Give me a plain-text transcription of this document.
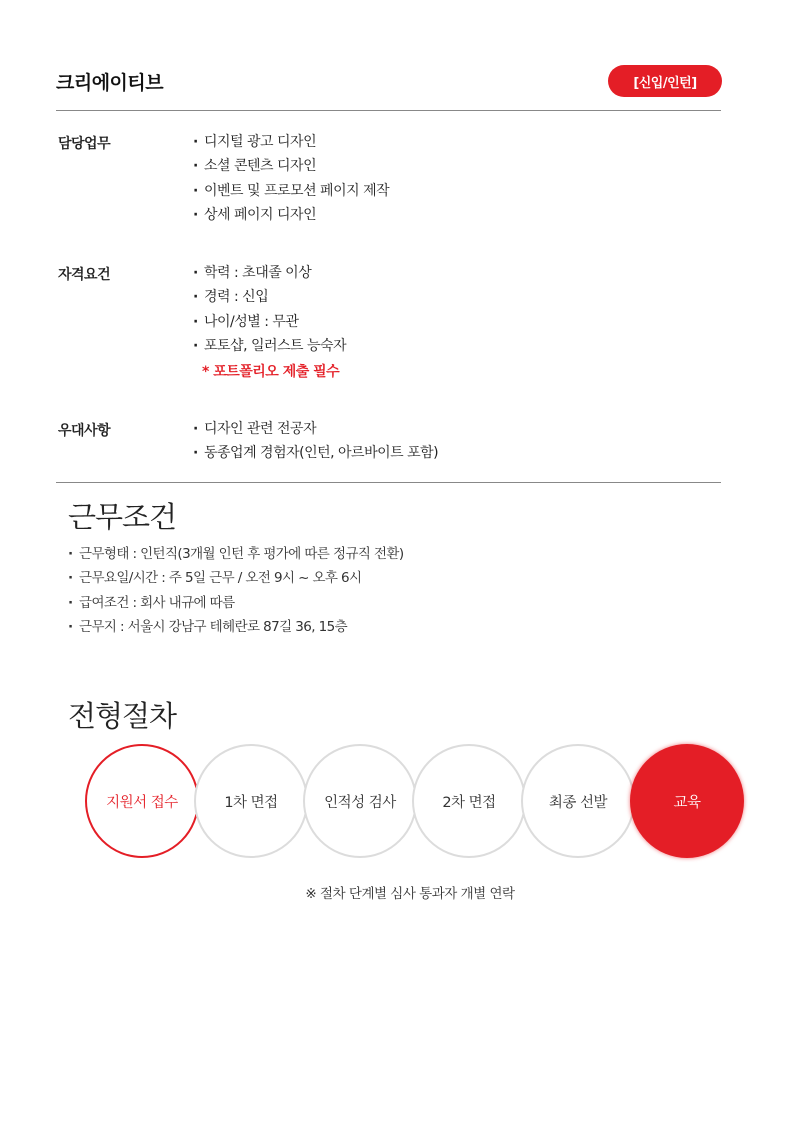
크리에이티브	[신입/인턴]
담당업무	· 디지털 광고 디자인
· 소셜 콘텐츠 디자인
· 이벤트 및 프로모션 페이지 제작
· 상세 페이지 디자인
자격요건	· 학력 : 초대졸 이상
· 경력 : 신입
· 나이/성별 : 무관
· 포토샵, 일러스트 능숙자
* 포트폴리오 제출 필수
우대사항	· 디자인 관련 전공자
· 동종업계 경험자(인턴, 아르바이트 포함)
근무조건
· 근무형태 : 인턴직(3개월 인턴 후 평가에 따른 정규직 전환)
· 근무요일/시간 : 주 5일 근무 / 오전 9시 ~ 오후 6시
· 급여조건 : 회사 내규에 따름
· 근무지 : 서울시 강남구 테헤란로 87길 36, 15층
전형절차
지원서 접수	1차 면접	인적성 검사	2차 면접	최종 선발	교육
※ 절차 단계별 심사 통과자 개별 연락
